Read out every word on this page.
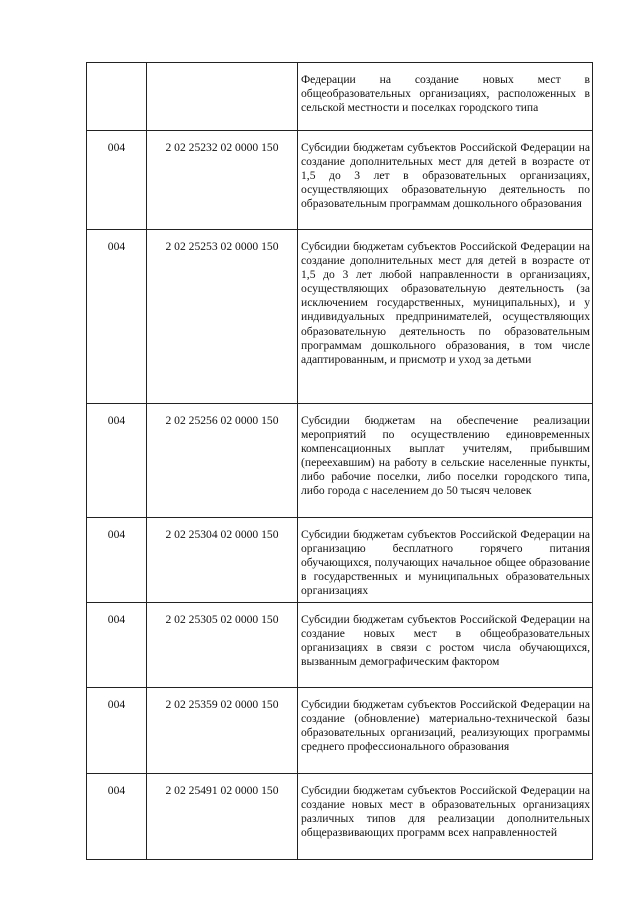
		Федерации на создание новых мест в общеобразовательных организациях, расположенных в сельской местности и поселках городского типа

004	2 02 25232 02 0000 150	Субсидии бюджетам субъектов Российской Федерации на создание дополнительных мест для детей в возрасте от 1,5 до 3 лет в образовательных организациях, осуществляющих образовательную деятельность по образовательным программам дошкольного образования

004	2 02 25253 02 0000 150	Субсидии бюджетам субъектов Российской Федерации на создание дополнительных мест для детей в возрасте от 1,5 до 3 лет любой направленности в организациях, осуществляющих образовательную деятельность (за исключением государственных, муниципальных), и у индивидуальных предпринимателей, осуществляющих образовательную деятельность по образовательным программам дошкольного образования, в том числе адаптированным, и присмотр и уход за детьми

004	2 02 25256 02 0000 150	Субсидии бюджетам на обеспечение реализации мероприятий по осуществлению единовременных компенсационных выплат учителям, прибывшим (переехавшим) на работу в сельские населенные пункты, либо рабочие поселки, либо поселки городского типа, либо города с населением до 50 тысяч человек

004	2 02 25304 02 0000 150	Субсидии бюджетам субъектов Российской Федерации на организацию бесплатного горячего питания обучающихся, получающих начальное общее образование в государственных и муниципальных образовательных организациях

004	2 02 25305 02 0000 150	Субсидии бюджетам субъектов Российской Федерации на создание новых мест в общеобразовательных организациях в связи с ростом числа обучающихся, вызванным демографическим фактором

004	2 02 25359 02 0000 150	Субсидии бюджетам субъектов Российской Федерации на создание (обновление) материально-технической базы образовательных организаций, реализующих программы среднего профессионального образования

004	2 02 25491 02 0000 150	Субсидии бюджетам субъектов Российской Федерации на создание новых мест в образовательных организациях различных типов для реализации дополнительных общеразвивающих программ всех направленностей
